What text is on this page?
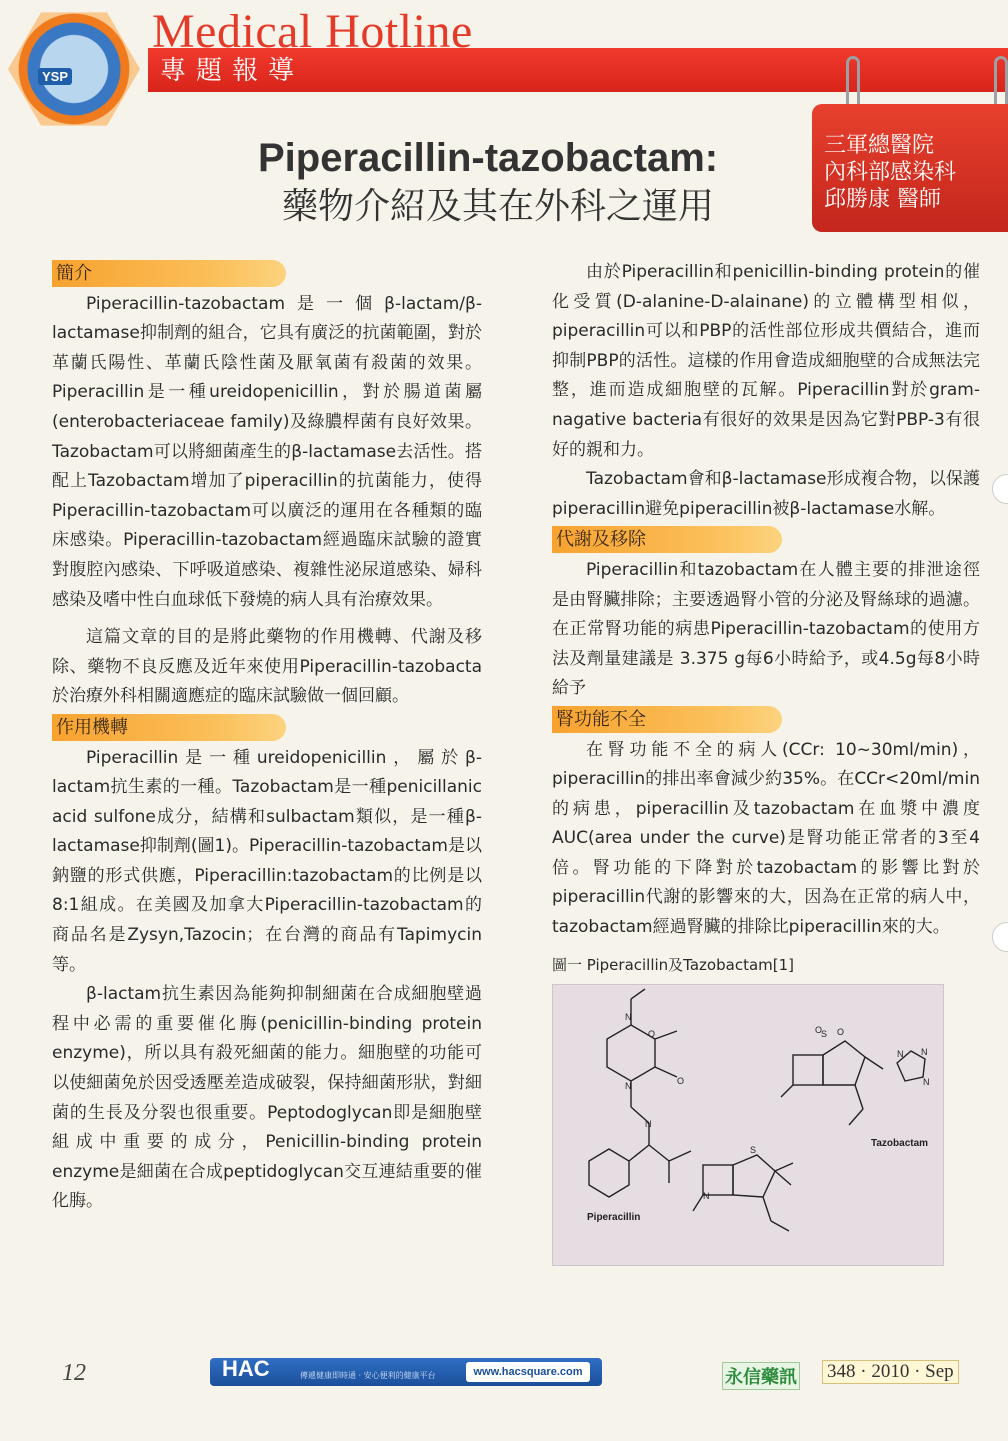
YSP
Medical Hotline
專題報導
三軍總醫院
內科部感染科
邱勝康 醫師
Piperacillin-tazobactam:
藥物介紹及其在外科之運用
簡介

Piperacillin-tazobactam是一個β-lactam/β-lactamase抑制劑的組合，它具有廣泛的抗菌範圍，對於革蘭氏陽性、革蘭氏陰性菌及厭氧菌有殺菌的效果。Piperacillin是一種ureidopenicillin，對於腸道菌屬(enterobacteriaceae family)及綠膿桿菌有良好效果。Tazobactam可以將細菌產生的β-lactamase去活性。搭配上Tazobactam增加了piperacillin的抗菌能力，使得Piperacillin-tazobactam可以廣泛的運用在各種類的臨床感染。Piperacillin-tazobactam經過臨床試驗的證實對腹腔內感染、下呼吸道感染、複雜性泌尿道感染、婦科感染及嗜中性白血球低下發燒的病人具有治療效果。

這篇文章的目的是將此藥物的作用機轉、代謝及移除、藥物不良反應及近年來使用Piperacillin-tazobacta於治療外科相關適應症的臨床試驗做一個回顧。

作用機轉

Piperacillin是一種ureidopenicillin，屬於β-lactam抗生素的一種。Tazobactam是一種penicillanic acid sulfone成分，結構和sulbactam類似，是一種β-lactamase抑制劑(圖1)。Piperacillin-tazobactam是以鈉鹽的形式供應，Piperacillin:tazobactam的比例是以8:1組成。在美國及加拿大Piperacillin-tazobactam的商品名是Zysyn,Tazocin；在台灣的商品有Tapimycin等。

β-lactam抗生素因為能夠抑制細菌在合成細胞壁過程中必需的重要催化脢(penicillin-binding protein enzyme)，所以具有殺死細菌的能力。細胞壁的功能可以使細菌免於因受透壓差造成破裂，保持細菌形狀，對細菌的生長及分裂也很重要。Peptodoglycan即是細胞壁組成中重要的成分，Penicillin-binding protein enzyme是細菌在合成peptidoglycan交互連結重要的催化脢。

由於Piperacillin和penicillin-binding protein的催化受質(D-alanine-D-alainane)的立體構型相似，piperacillin可以和PBP的活性部位形成共價結合，進而抑制PBP的活性。這樣的作用會造成細胞壁的合成無法完整，進而造成細胞壁的瓦解。Piperacillin對於gram-nagative bacteria有很好的效果是因為它對PBP-3有很好的親和力。

Tazobactam會和β-lactamase形成複合物，以保護piperacillin避免piperacillin被β-lactamase水解。

代謝及移除

Piperacillin和tazobactam在人體主要的排泄途徑是由腎臟排除；主要透過腎小管的分泌及腎絲球的過濾。在正常腎功能的病患Piperacillin-tazobactam的使用方法及劑量建議是 3.375 g每6小時給予，或4.5g每8小時給予

腎功能不全

在腎功能不全的病人(CCr: 10~30ml/min)，piperacillin的排出率會減少約35%。在CCr<20ml/min的病患，piperacillin及tazobactam在血漿中濃度AUC(area under the curve)是腎功能正常者的3至4倍。腎功能的下降對於tazobactam的影響比對於piperacillin代謝的影響來的大，因為在正常的病人中，tazobactam經過腎臟的排除比piperacillin來的大。

圖一 Piperacillin及Tazobactam[1]
O
O
N
N
N
N
S
S
O O
N N
N
Piperacillin
Tazobactam
12	HAC	傳遞健康即時通 · 安心便利的健康平台	www.hacsquare.com	永信藥訊 348 · 2010 · Sep
